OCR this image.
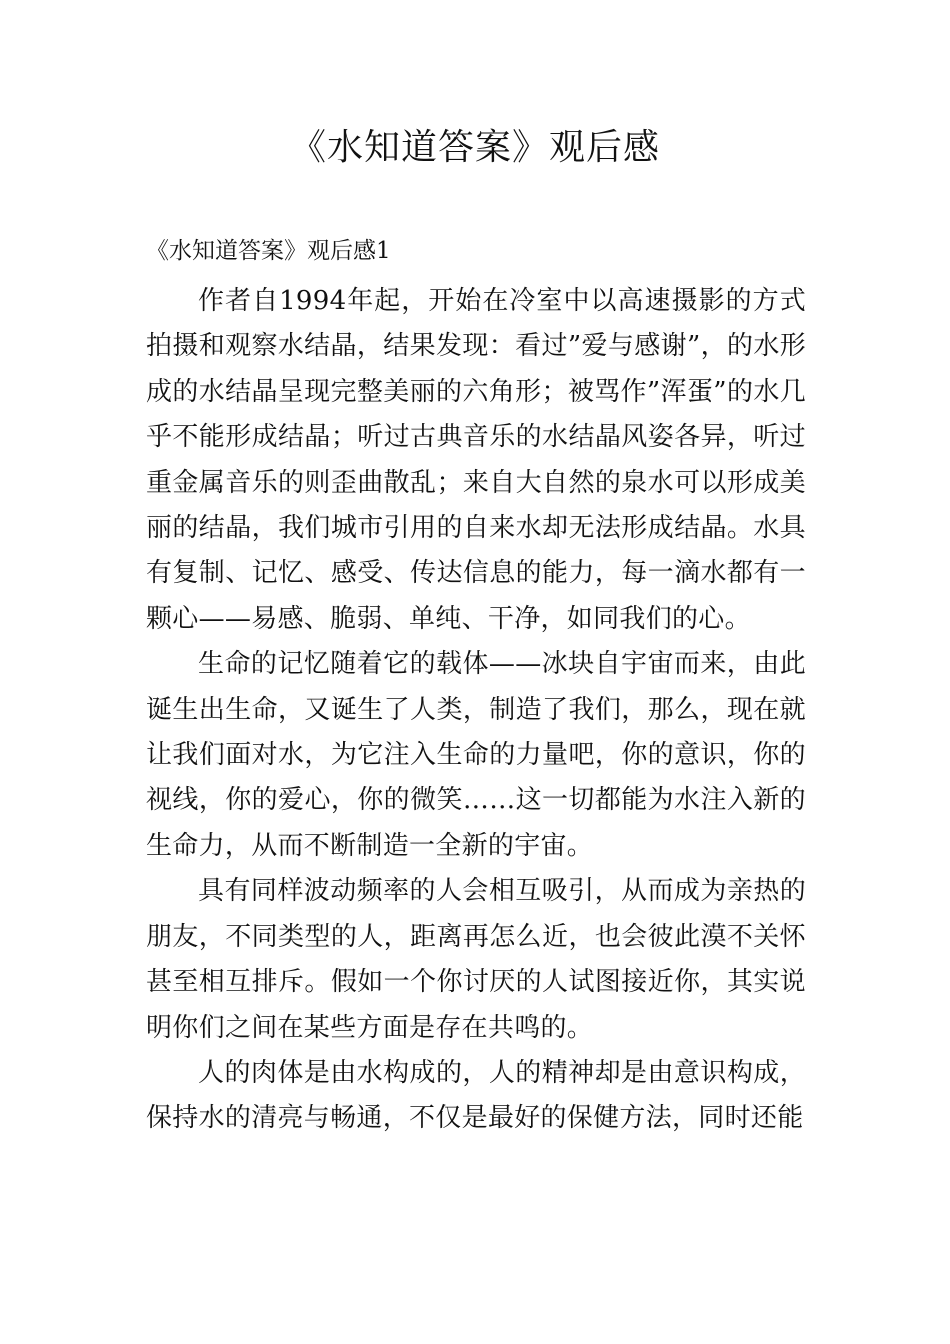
《水知道答案》观后感
《水知道答案》观后感1

作者自1994年起，开始在冷室中以高速摄影的方式拍摄和观察水结晶，结果发现：看过”爱与感谢”，的水形成的水结晶呈现完整美丽的六角形；被骂作”浑蛋”的水几乎不能形成结晶；听过古典音乐的水结晶风姿各异，听过重金属音乐的则歪曲散乱；来自大自然的泉水可以形成美丽的结晶，我们城市引用的自来水却无法形成结晶。水具有复制、记忆、感受、传达信息的能力，每一滴水都有一颗心——易感、脆弱、单纯、干净，如同我们的心。

生命的记忆随着它的载体——冰块自宇宙而来，由此诞生出生命，又诞生了人类，制造了我们，那么，现在就让我们面对水，为它注入生命的力量吧，你的意识，你的视线，你的爱心，你的微笑……这一切都能为水注入新的生命力，从而不断制造一全新的宇宙。

具有同样波动频率的人会相互吸引，从而成为亲热的朋友，不同类型的人，距离再怎么近，也会彼此漠不关怀甚至相互排斥。假如一个你讨厌的人试图接近你，其实说明你们之间在某些方面是存在共鸣的。

人的肉体是由水构成的，人的精神却是由意识构成，保持水的清亮与畅通，不仅是最好的保健方法，同时还能
